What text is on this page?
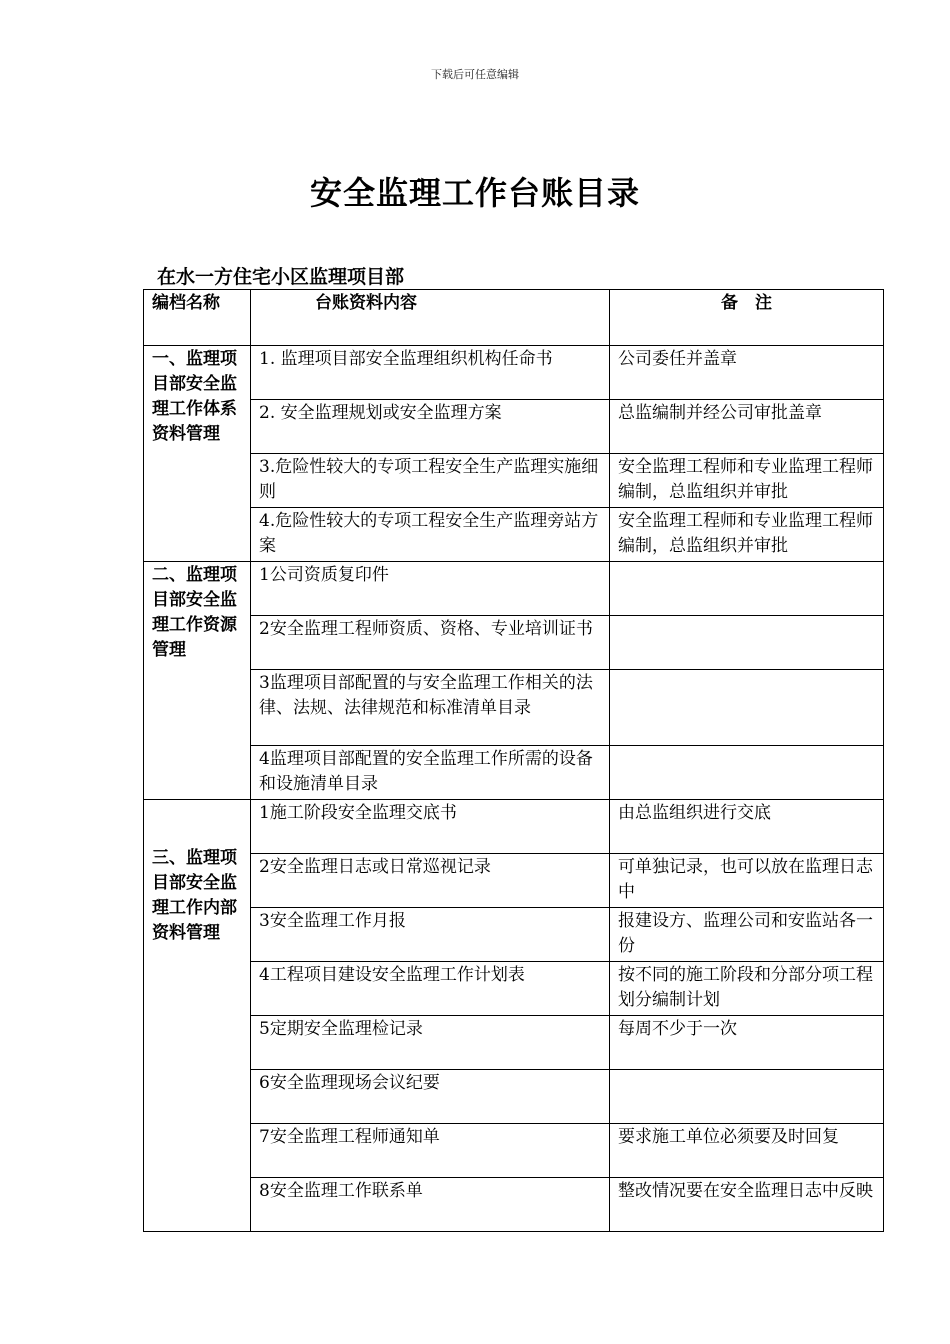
下载后可任意编辑
安全监理工作台账目录
在水一方住宅小区监理项目部
编档名称	台账资料内容	备　注
一、监理项目部安全监理工作体系资料管理	1. 监理项目部安全监理组织机构任命书	公司委任并盖章
	2. 安全监理规划或安全监理方案	总监编制并经公司审批盖章
	3.危险性较大的专项工程安全生产监理实施细则	安全监理工程师和专业监理工程师编制，总监组织并审批
	4.危险性较大的专项工程安全生产监理旁站方案	安全监理工程师和专业监理工程师编制，总监组织并审批
二、监理项目部安全监理工作资源管理	1公司资质复印件	
	2安全监理工程师资质、资格、专业培训证书	
	3监理项目部配置的与安全监理工作相关的法律、法规、法律规范和标准清单目录	
	4监理项目部配置的安全监理工作所需的设备和设施清单目录	
三、监理项目部安全监理工作内部资料管理	1施工阶段安全监理交底书	由总监组织进行交底
	2安全监理日志或日常巡视记录	可单独记录，也可以放在监理日志中
	3安全监理工作月报	报建设方、监理公司和安监站各一份
	4工程项目建设安全监理工作计划表	按不同的施工阶段和分部分项工程划分编制计划
	5定期安全监理检记录	每周不少于一次
	6安全监理现场会议纪要	
	7安全监理工程师通知单	要求施工单位必须要及时回复
	8安全监理工作联系单	整改情况要在安全监理日志中反映
